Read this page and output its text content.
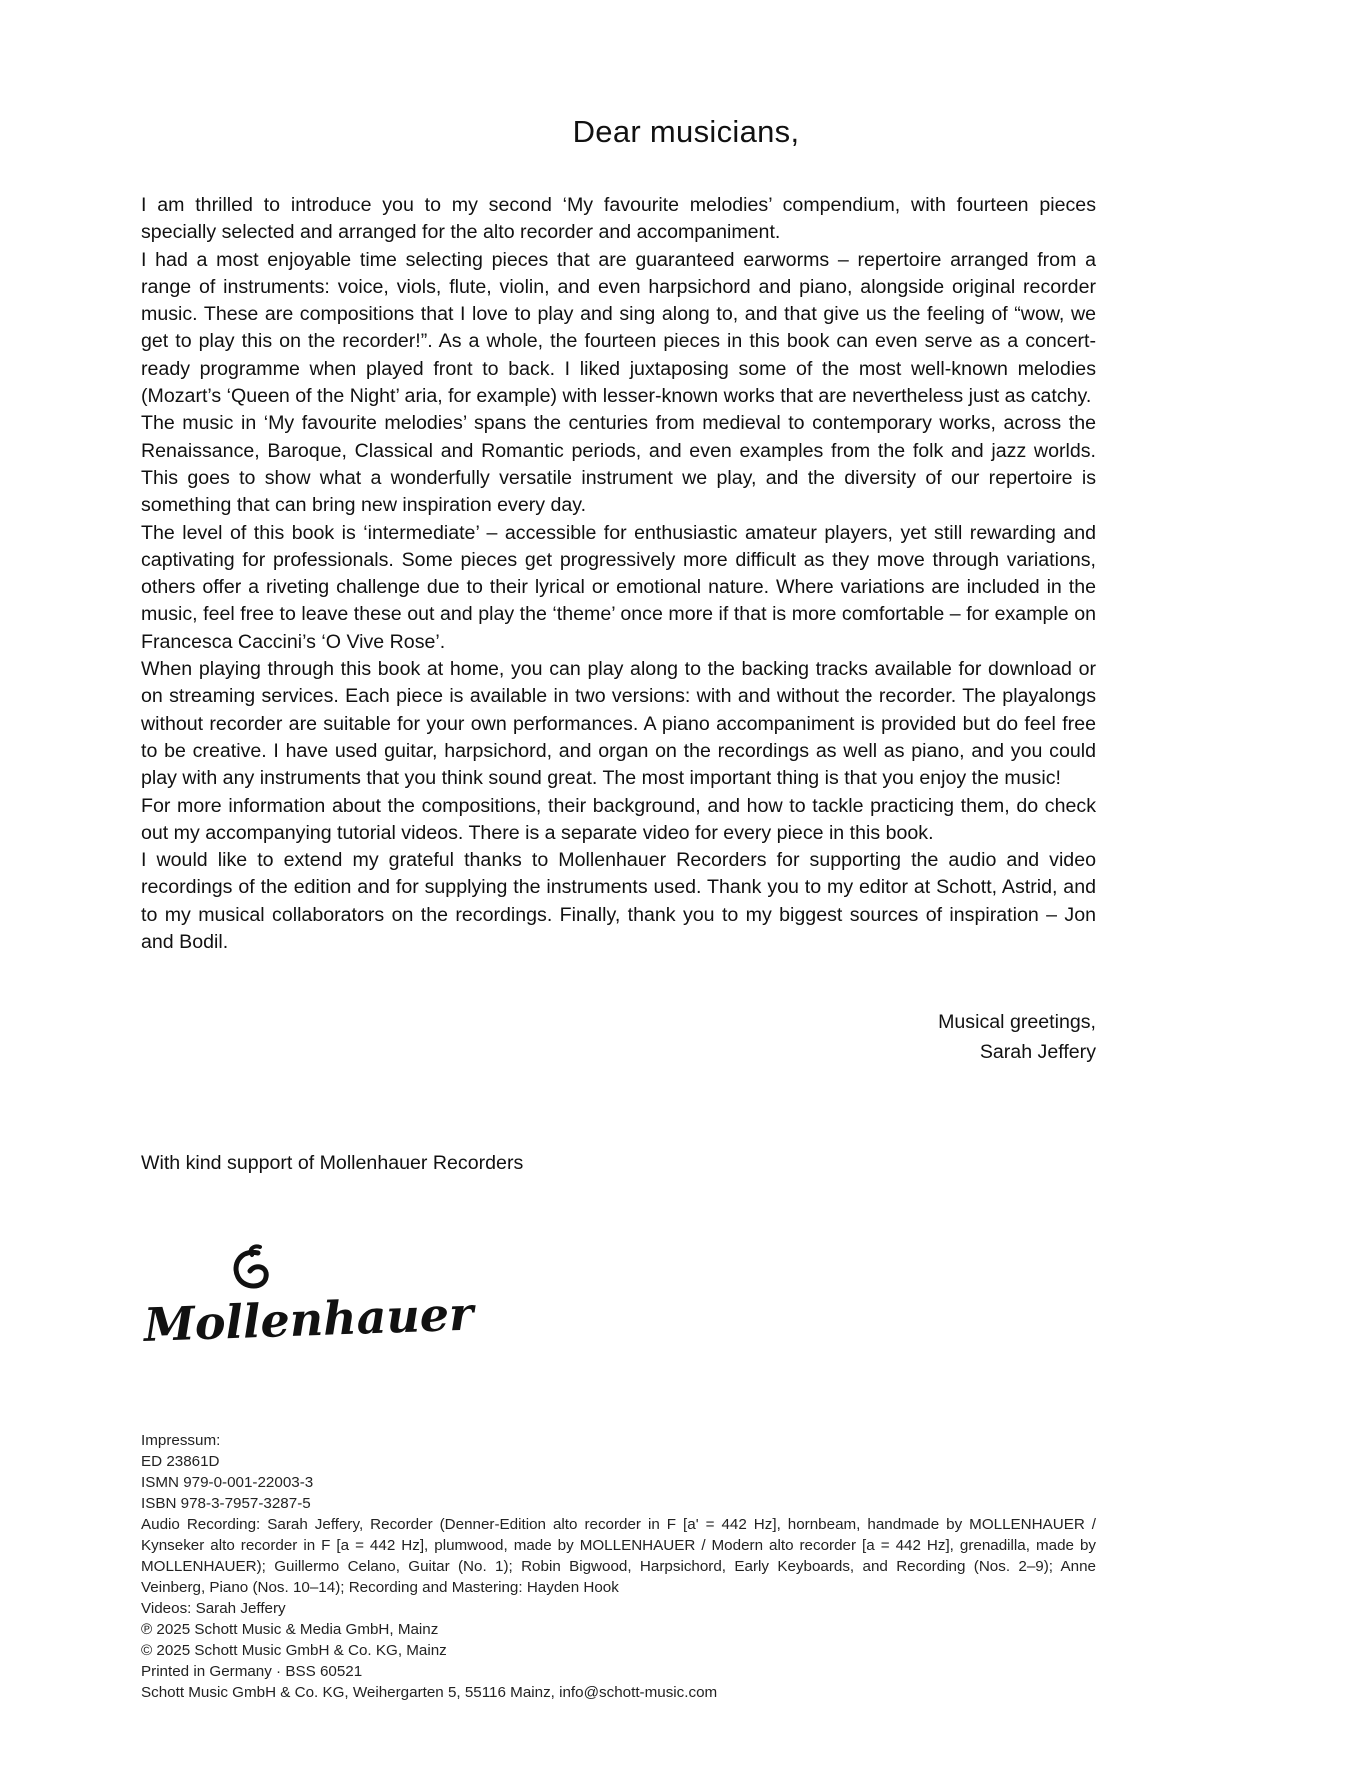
Dear musicians,

I am thrilled to introduce you to my second ‘My favourite melodies’ compendium, with fourteen pieces specially selected and arranged for the alto recorder and accompaniment.

I had a most enjoyable time selecting pieces that are guaranteed earworms – repertoire arranged from a range of instruments: voice, viols, flute, violin, and even harpsichord and piano, alongside original recorder music. These are compositions that I love to play and sing along to, and that give us the feeling of “wow, we get to play this on the recorder!”. As a whole, the fourteen pieces in this book can even serve as a concert-ready programme when played front to back. I liked juxtaposing some of the most well-known melodies (Mozart’s ‘Queen of the Night’ aria, for example) with lesser-known works that are nevertheless just as catchy.

The music in ‘My favourite melodies’ spans the centuries from medieval to contemporary works, across the Renaissance, Baroque, Classical and Romantic periods, and even examples from the folk and jazz worlds. This goes to show what a wonderfully versatile instrument we play, and the diversity of our repertoire is something that can bring new inspiration every day.

The level of this book is ‘intermediate’ – accessible for enthusiastic amateur players, yet still rewarding and captivating for professionals. Some pieces get progressively more difficult as they move through variations, others offer a riveting challenge due to their lyrical or emotional nature. Where variations are included in the music, feel free to leave these out and play the ‘theme’ once more if that is more comfortable – for example on Francesca Caccini’s ‘O Vive Rose’.

When playing through this book at home, you can play along to the backing tracks available for download or on streaming services. Each piece is available in two versions: with and without the recorder. The playalongs without recorder are suitable for your own performances. A piano accompaniment is provided but do feel free to be creative. I have used guitar, harpsichord, and organ on the recordings as well as piano, and you could play with any instruments that you think sound great. The most important thing is that you enjoy the music!

For more information about the compositions, their background, and how to tackle practicing them, do check out my accompanying tutorial videos. There is a separate video for every piece in this book.

I would like to extend my grateful thanks to Mollenhauer Recorders for supporting the audio and video recordings of the edition and for supplying the instruments used. Thank you to my editor at Schott, Astrid, and to my musical collaborators on the recordings. Finally, thank you to my biggest sources of inspiration – Jon and Bodil.

Musical greetings,
Sarah Jeffery
With kind support of Mollenhauer Recorders
Mollenhauer
Impressum:
ED 23861D
ISMN 979-0-001-22003-3
ISBN 978-3-7957-3287-5
Audio Recording: Sarah Jeffery, Recorder (Denner-Edition alto recorder in F [a' = 442 Hz], hornbeam, handmade by MOLLENHAUER / Kynseker alto recorder in F [a = 442 Hz], plumwood, made by MOLLENHAUER / Modern alto recorder [a = 442 Hz], grenadilla, made by MOLLENHAUER); Guillermo Celano, Guitar (No. 1); Robin Bigwood, Harpsichord, Early Keyboards, and Recording (Nos. 2–9); Anne Veinberg, Piano (Nos. 10–14); Recording and Mastering: Hayden Hook
Videos: Sarah Jeffery
℗ 2025 Schott Music & Media GmbH, Mainz
© 2025 Schott Music GmbH & Co. KG, Mainz
Printed in Germany · BSS 60521
Schott Music GmbH & Co. KG, Weihergarten 5, 55116 Mainz, info@schott-music.com
